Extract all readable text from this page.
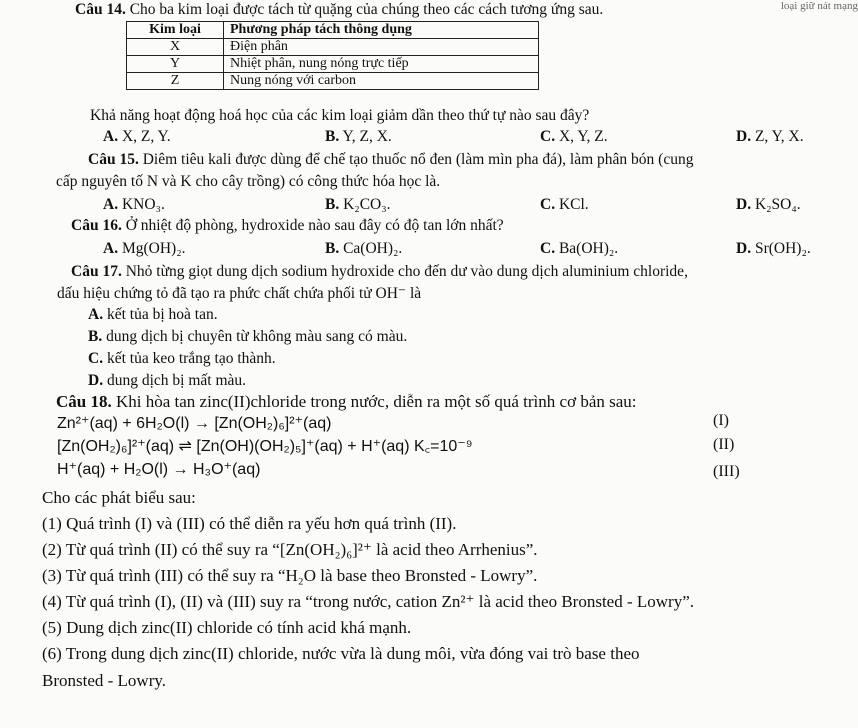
loại giữ nát mạng
Câu 14. Cho ba kim loại được tách từ quặng của chúng theo các cách tương ứng sau.
Kim loại	Phương pháp tách thông dụng
X	Điện phân
Y	Nhiệt phân, nung nóng trực tiếp
Z	Nung nóng với carbon
Khả năng hoạt động hoá học của các kim loại giảm dần theo thứ tự nào sau đây?
A. X, Z, Y.	B. Y, Z, X.	C. X, Y, Z.	D. Z, Y, X.
Câu 15. Diêm tiêu kali được dùng để chế tạo thuốc nổ đen (làm mìn pha đá), làm phân bón (cung
cấp nguyên tố N và K cho cây trồng) có công thức hóa học là.
A. KNO₃.	B. K₂CO₃.	C. KCl.	D. K₂SO₄.
Câu 16. Ở nhiệt độ phòng, hydroxide nào sau đây có độ tan lớn nhất?
A. Mg(OH)₂.	B. Ca(OH)₂.	C. Ba(OH)₂.	D. Sr(OH)₂.
Câu 17. Nhỏ từng giọt dung dịch sodium hydroxide cho đến dư vào dung dịch aluminium chloride,
dấu hiệu chứng tỏ đã tạo ra phức chất chứa phối tử OH⁻ là
A. kết tủa bị hoà tan.
B. dung dịch bị chuyên từ không màu sang có màu.
C. kết tủa keo trắng tạo thành.
D. dung dịch bị mất màu.
Câu 18. Khi hòa tan zinc(II)chloride trong nước, diễn ra một số quá trình cơ bản sau:
Zn²⁺(aq) + 6H₂O(l) → [Zn(OH₂)₆]²⁺(aq)	(I)
[Zn(OH₂)₆]²⁺(aq) ⇌ [Zn(OH)(OH₂)₅]⁺(aq) + H⁺(aq) K꜀=10⁻⁹	(II)
H⁺(aq) + H₂O(l) → H₃O⁺(aq)	(III)
Cho các phát biểu sau:
(1) Quá trình (I) và (III) có thể diễn ra yếu hơn quá trình (II).
(2) Từ quá trình (II) có thể suy ra “[Zn(OH₂)₆]²⁺ là acid theo Arrhenius”.
(3) Từ quá trình (III) có thể suy ra “H₂O là base theo Bronsted - Lowry”.
(4) Từ quá trình (I), (II) và (III) suy ra “trong nước, cation Zn²⁺ là acid theo Bronsted - Lowry”.
(5) Dung dịch zinc(II) chloride có tính acid khá mạnh.
(6) Trong dung dịch zinc(II) chloride, nước vừa là dung môi, vừa đóng vai trò base theo
Bronsted - Lowry.
